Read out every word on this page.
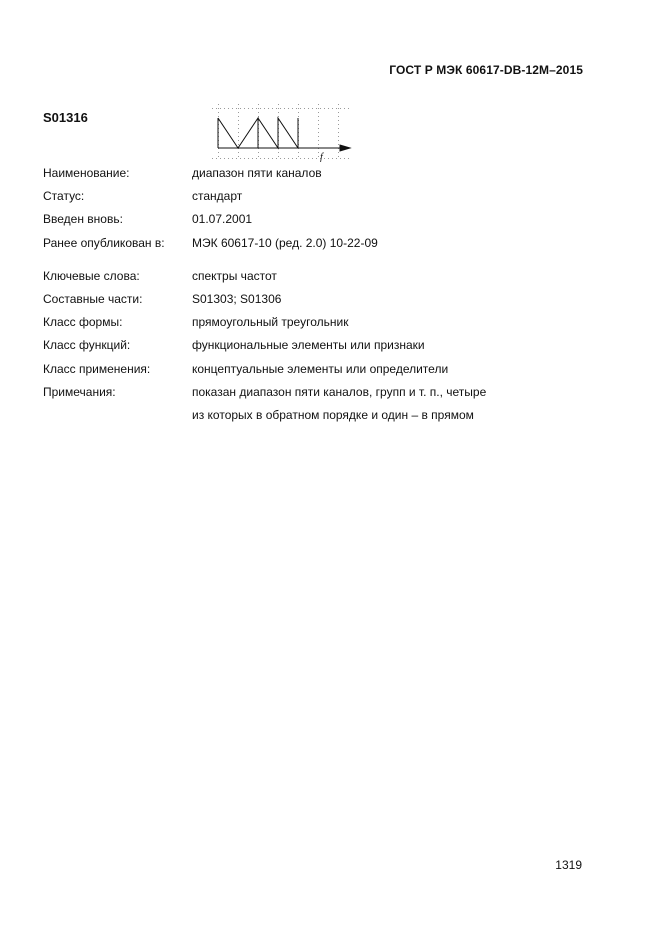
ГОСТ Р МЭК 60617-DB-12M–2015
S01316
f
Наименование:	диапазон пяти каналов
Статус:	стандарт
Введен вновь:	01.07.2001
Ранее опубликован в:	МЭК 60617-10 (ред. 2.0) 10-22-09
Ключевые слова:	спектры частот
Составные части:	S01303; S01306
Класс формы:	прямоугольный треугольник
Класс функций:	функциональные элементы или признаки
Класс применения:	концептуальные элементы или определители
Примечания:	показан диапазон пяти каналов, групп и т. п., четыре
из которых в обратном порядке и один – в прямом
1319
